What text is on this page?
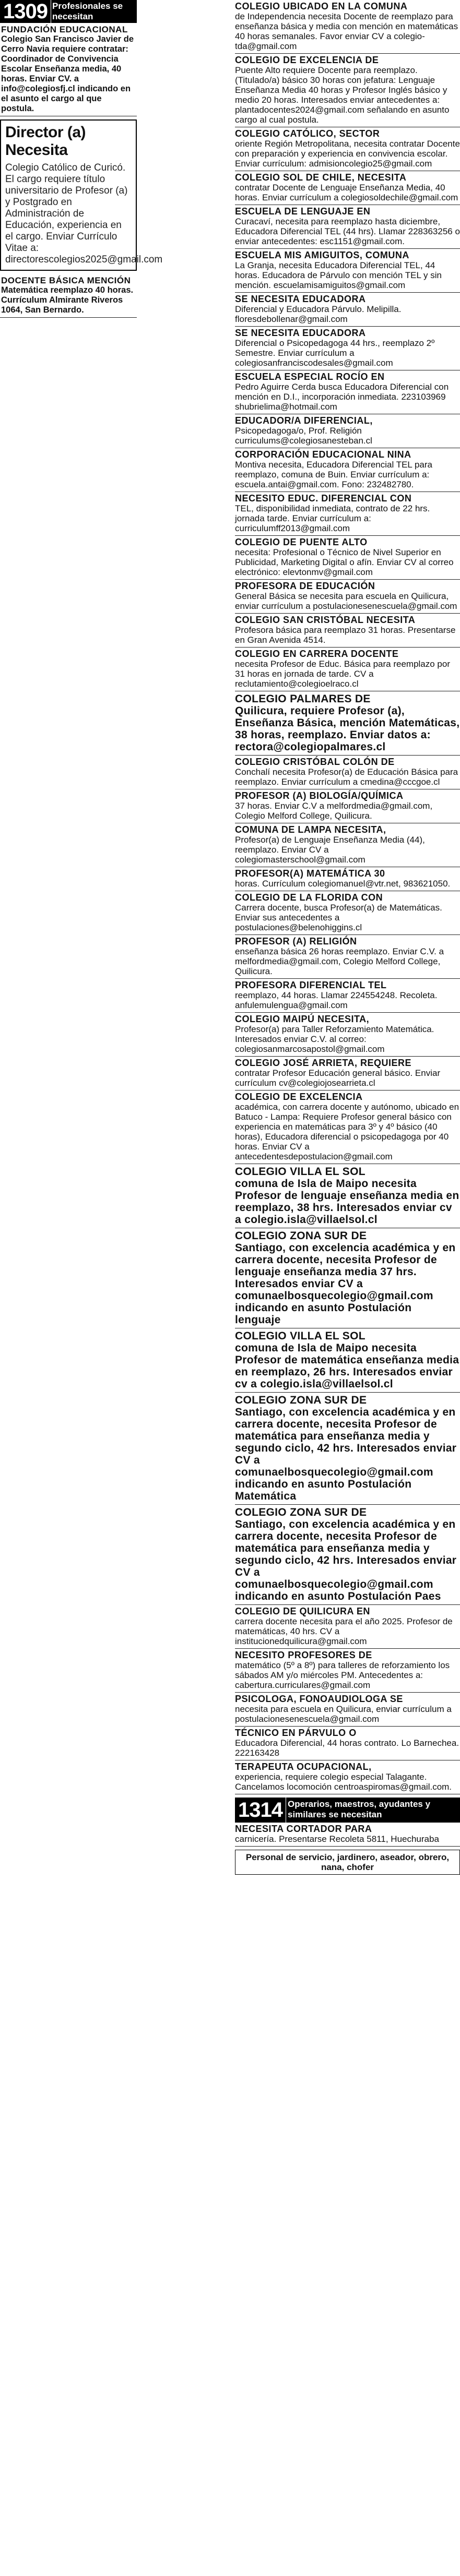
1309 Profesionales se necesitan
FUNDACIÓN EDUCACIONAL
Colegio San Francisco Javier de Cerro Navia requiere contratar: Coordinador de Convivencia Escolar Enseñanza media, 40 horas. Enviar CV. a info@colegiosfj.cl indicando en el asunto el cargo al que postula.
Director (a) Necesita
Colegio Católico de Curicó. El cargo requiere título universitario de Profesor (a) y Postgrado en Administración de Educación, experiencia en el cargo. Enviar Currículo Vitae a: directorescolegios2025@gmail.com
DOCENTE BÁSICA MENCIÓN
Matemática reemplazo 40 horas. Currículum Almirante Riveros 1064, San Bernardo.
COLEGIO UBICADO EN LA COMUNA
de Independencia necesita Docente de reemplazo para enseñanza básica y media con mención en matemáticas 40 horas semanales. Favor enviar CV a colegio-tda@gmail.com
COLEGIO DE EXCELENCIA DE
Puente Alto requiere Docente para reemplazo. (Titulado/a) básico 30 horas con jefatura: Lenguaje Enseñanza Media 40 horas y Profesor Inglés básico y medio 20 horas. Interesados enviar antecedentes a: plantadocentes2024@gmail.com señalando en asunto cargo al cual postula.
COLEGIO CATÓLICO, SECTOR
oriente Región Metropolitana, necesita contratar Docente con preparación y experiencia en convivencia escolar. Enviar currículum: admisioncolegio25@gmail.com
COLEGIO SOL DE CHILE, NECESITA
contratar Docente de Lenguaje Enseñanza Media, 40 horas. Enviar currículum a colegiosoldechile@gmail.com
ESCUELA DE LENGUAJE EN
Curacaví, necesita para reemplazo hasta diciembre, Educadora Diferencial TEL (44 hrs). Llamar 228363256 o enviar antecedentes: esc1151@gmail.com.
ESCUELA MIS AMIGUITOS, COMUNA
La Granja, necesita Educadora Diferencial TEL, 44 horas. Educadora de Párvulo con mención TEL y sin mención. escuelamisamiguitos@gmail.com
SE NECESITA EDUCADORA
Diferencial y Educadora Párvulo. Melipilla. floresdebollenar@gmail.com
SE NECESITA EDUCADORA
Diferencial o Psicopedagoga 44 hrs., reemplazo 2º Semestre. Enviar currículum a colegiosanfranciscodesales@gmail.com
ESCUELA ESPECIAL ROCÍO EN
Pedro Aguirre Cerda busca Educadora Diferencial con mención en D.I., incorporación inmediata. 223103969 shubrielima@hotmail.com
EDUCADOR/A DIFERENCIAL,
Psicopedagoga/o, Prof. Religión curriculums@colegiosanesteban.cl
CORPORACIÓN EDUCACIONAL NINA
Montiva necesita, Educadora Diferencial TEL para reemplazo, comuna de Buin. Enviar currículum a: escuela.antai@gmail.com. Fono: 232482780.
NECESITO EDUC. DIFERENCIAL CON
TEL, disponibilidad inmediata, contrato de 22 hrs. jornada tarde. Enviar currículum a: curriculumff2013@gmail.com
COLEGIO DE PUENTE ALTO
necesita: Profesional o Técnico de Nivel Superior en Publicidad, Marketing Digital o afín. Enviar CV al correo electrónico: elevtonmv@gmail.com
PROFESORA DE EDUCACIÓN
General Básica se necesita para escuela en Quilicura, enviar currículum a postulacionesenescuela@gmail.com
COLEGIO SAN CRISTÓBAL NECESITA
Profesora básica para reemplazo 31 horas. Presentarse en Gran Avenida 4514.
COLEGIO EN CARRERA DOCENTE
necesita Profesor de Educ. Básica para reemplazo por 31 horas en jornada de tarde. CV a reclutamiento@colegioelraco.cl
COLEGIO PALMARES DE
Quilicura, requiere Profesor (a), Enseñanza Básica, mención Matemáticas, 38 horas, reemplazo. Enviar datos a: rectora@colegiopalmares.cl
COLEGIO CRISTÓBAL COLÓN DE
Conchalí necesita Profesor(a) de Educación Básica para reemplazo. Enviar currículum a cmedina@cccgoe.cl
PROFESOR (A) BIOLOGÍA/QUÍMICA
37 horas. Enviar C.V a melfordmedia@gmail.com, Colegio Melford College, Quilicura.
COMUNA DE LAMPA NECESITA,
Profesor(a) de Lenguaje Enseñanza Media (44), reemplazo. Enviar CV a colegiomasterschool@gmail.com
PROFESOR(A) MATEMÁTICA 30
horas. Currículum colegiomanuel@vtr.net, 983621050.
COLEGIO DE LA FLORIDA CON
Carrera docente, busca Profesor(a) de Matemáticas. Enviar sus antecedentes a postulaciones@belenohiggins.cl
PROFESOR (A) RELIGIÓN
enseñanza básica 26 horas reemplazo. Enviar C.V. a melfordmedia@gmail.com, Colegio Melford College, Quilicura.
PROFESORA DIFERENCIAL TEL
reemplazo, 44 horas. Llamar 224554248. Recoleta. anfulemulengua@gmail.com
COLEGIO MAIPÚ NECESITA,
Profesor(a) para Taller Reforzamiento Matemática. Interesados enviar C.V. al correo: colegiosanmarcosapostol@gmail.com
COLEGIO JOSÉ ARRIETA, REQUIERE
contratar Profesor Educación general básico. Enviar currículum cv@colegiojosearrieta.cl
COLEGIO DE EXCELENCIA
académica, con carrera docente y autónomo, ubicado en Batuco - Lampa: Requiere Profesor general básico con experiencia en matemáticas para 3º y 4º básico (40 horas), Educadora diferencial o psicopedagoga por 40 horas. Enviar CV a antecedentesdepostulacion@gmail.com
COLEGIO VILLA EL SOL
comuna de Isla de Maipo necesita Profesor de lenguaje enseñanza media en reemplazo, 38 hrs. Interesados enviar cv a colegio.isla@villaelsol.cl
COLEGIO ZONA SUR DE
Santiago, con excelencia académica y en carrera docente, necesita Profesor de lenguaje enseñanza media 37 hrs. Interesados enviar CV a comunaelbosquecolegio@gmail.com indicando en asunto Postulación lenguaje
COLEGIO VILLA EL SOL
comuna de Isla de Maipo necesita Profesor de matemática enseñanza media en reemplazo, 26 hrs. Interesados enviar cv a colegio.isla@villaelsol.cl
COLEGIO ZONA SUR DE
Santiago, con excelencia académica y en carrera docente, necesita Profesor de matemática para enseñanza media y segundo ciclo, 42 hrs. Interesados enviar CV a comunaelbosquecolegio@gmail.com indicando en asunto Postulación Matemática
COLEGIO ZONA SUR DE
Santiago, con excelencia académica y en carrera docente, necesita Profesor de matemática para enseñanza media y segundo ciclo, 42 hrs. Interesados enviar CV a comunaelbosquecolegio@gmail.com indicando en asunto Postulación Paes
COLEGIO DE QUILICURA EN
carrera docente necesita para el año 2025. Profesor de matemáticas, 40 hrs. CV a institucionedquilicura@gmail.com
NECESITO PROFESORES DE
matemático (5º a 8º) para talleres de reforzamiento los sábados AM y/o miércoles PM. Antecedentes a: cabertura.curriculares@gmail.com
PSICOLOGA, FONOAUDIOLOGA SE
necesita para escuela en Quilicura, enviar currículum a postulacionesenescuela@gmail.com
TÉCNICO EN PÁRVULO O
Educadora Diferencial, 44 horas contrato. Lo Barnechea. 222163428
TERAPEUTA OCUPACIONAL,
experiencia, requiere colegio especial Talagante. Cancelamos locomoción centroaspiromas@gmail.com.
1314 Operarios, maestros, ayudantes y similares se necesitan
NECESITA CORTADOR PARA
carnicería. Presentarse Recoleta 5811, Huechuraba
Personal de servicio, jardinero, aseador, obrero, nana, chofer
